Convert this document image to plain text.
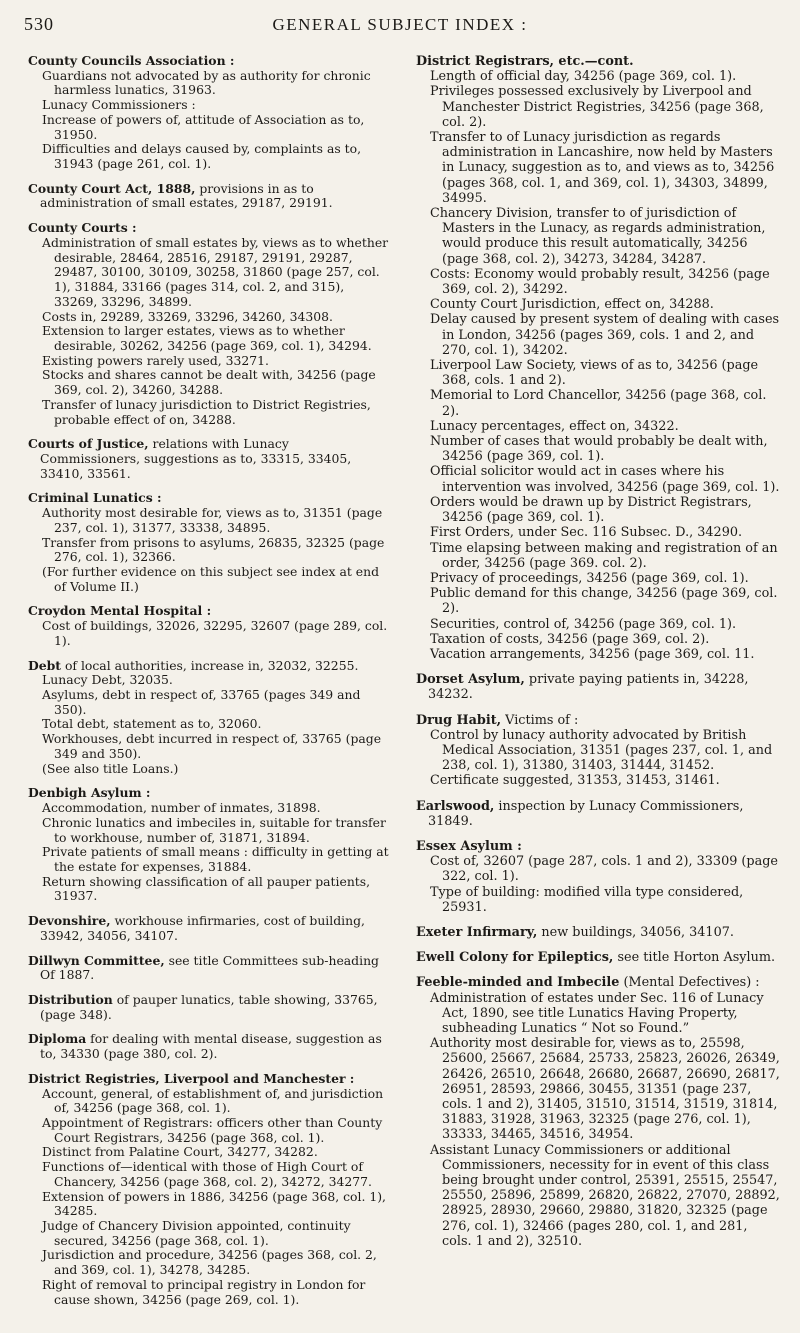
530	GENERAL SUBJECT INDEX :
County Councils Association :
Guardians not advocated by as authority for chronic harmless lunatics, 31963.
Lunacy Commissioners :
Increase of powers of, attitude of Association as to, 31950.
Difficulties and delays caused by, complaints as to, 31943 (page 261, col. 1).
County Court Act, 1888, provisions in as to administration of small estates, 29187, 29191.
County Courts :
Administration of small estates by, views as to whether desirable, 28464, 28516, 29187, 29191, 29287, 29487, 30100, 30109, 30258, 31860 (page 257, col. 1), 31884, 33166 (pages 314, col. 2, and 315), 33269, 33296, 34899.
Costs in, 29289, 33269, 33296, 34260, 34308.
Extension to larger estates, views as to whether desirable, 30262, 34256 (page 369, col. 1), 34294.
Existing powers rarely used, 33271.
Stocks and shares cannot be dealt with, 34256 (page 369, col. 2), 34260, 34288.
Transfer of lunacy jurisdiction to District Registries, probable effect of on, 34288.
Courts of Justice, relations with Lunacy Commissioners, suggestions as to, 33315, 33405, 33410, 33561.
Criminal Lunatics :
Authority most desirable for, views as to, 31351 (page 237, col. 1), 31377, 33338, 34895.
Transfer from prisons to asylums, 26835, 32325 (page 276, col. 1), 32366.
(For further evidence on this subject see index at end of Volume II.)
Croydon Mental Hospital :
Cost of buildings, 32026, 32295, 32607 (page 289, col. 1).
Debt of local authorities, increase in, 32032, 32255.
Lunacy Debt, 32035.
Asylums, debt in respect of, 33765 (pages 349 and 350).
Total debt, statement as to, 32060.
Workhouses, debt incurred in respect of, 33765 (page 349 and 350).
(See also title Loans.)
Denbigh Asylum :
Accommodation, number of inmates, 31898.
Chronic lunatics and imbeciles in, suitable for transfer to workhouse, number of, 31871, 31894.
Private patients of small means : difficulty in getting at the estate for expenses, 31884.
Return showing classification of all pauper patients, 31937.
Devonshire, workhouse infirmaries, cost of building, 33942, 34056, 34107.
Dillwyn Committee, see title Committees sub-heading Of 1887.
Distribution of pauper lunatics, table showing, 33765, (page 348).
Diploma for dealing with mental disease, suggestion as to, 34330 (page 380, col. 2).
District Registries, Liverpool and Manchester :
Account, general, of establishment of, and jurisdiction of, 34256 (page 368, col. 1).
Appointment of Registrars: officers other than County Court Registrars, 34256 (page 368, col. 1).
Distinct from Palatine Court, 34277, 34282.
Functions of—identical with those of High Court of Chancery, 34256 (page 368, col. 2), 34272, 34277.
Extension of powers in 1886, 34256 (page 368, col. 1), 34285.
Judge of Chancery Division appointed, continuity secured, 34256 (page 368, col. 1).
Jurisdiction and procedure, 34256 (pages 368, col. 2, and 369, col. 1), 34278, 34285.
Right of removal to principal registry in London for cause shown, 34256 (page 269, col. 1).
District Registrars, etc.—cont.
Length of official day, 34256 (page 369, col. 1).
Privileges possessed exclusively by Liverpool and Manchester District Registries, 34256 (page 368, col. 2).
Transfer to of Lunacy jurisdiction as regards administration in Lancashire, now held by Masters in Lunacy, suggestion as to, and views as to, 34256 (pages 368, col. 1, and 369, col. 1), 34303, 34899, 34995.
Chancery Division, transfer to of jurisdiction of Masters in the Lunacy, as regards administration, would produce this result automatically, 34256 (page 368, col. 2), 34273, 34284, 34287.
Costs: Economy would probably result, 34256 (page 369, col. 2), 34292.
County Court Jurisdiction, effect on, 34288.
Delay caused by present system of dealing with cases in London, 34256 (pages 369, cols. 1 and 2, and 270, col. 1), 34202.
Liverpool Law Society, views of as to, 34256 (page 368, cols. 1 and 2).
Memorial to Lord Chancellor, 34256 (page 368, col. 2).
Lunacy percentages, effect on, 34322.
Number of cases that would probably be dealt with, 34256 (page 369, col. 1).
Official solicitor would act in cases where his intervention was involved, 34256 (page 369, col. 1).
Orders would be drawn up by District Registrars, 34256 (page 369, col. 1).
First Orders, under Sec. 116 Subsec. D., 34290.
Time elapsing between making and registration of an order, 34256 (page 369. col. 2).
Privacy of proceedings, 34256 (page 369, col. 1).
Public demand for this change, 34256 (page 369, col. 2).
Securities, control of, 34256 (page 369, col. 1).
Taxation of costs, 34256 (page 369, col. 2).
Vacation arrangements, 34256 (page 369, col. 11.
Dorset Asylum, private paying patients in, 34228, 34232.
Drug Habit, Victims of :
Control by lunacy authority advocated by British Medical Association, 31351 (pages 237, col. 1, and 238, col. 1), 31380, 31403, 31444, 31452.
Certificate suggested, 31353, 31453, 31461.
Earlswood, inspection by Lunacy Commissioners, 31849.
Essex Asylum :
Cost of, 32607 (page 287, cols. 1 and 2), 33309 (page 322, col. 1).
Type of building: modified villa type considered, 25931.
Exeter Infirmary, new buildings, 34056, 34107.
Ewell Colony for Epileptics, see title Horton Asylum.
Feeble-minded and Imbecile (Mental Defectives) :
Administration of estates under Sec. 116 of Lunacy Act, 1890, see title Lunatics Having Property, subheading Lunatics “ Not so Found.”
Authority most desirable for, views as to, 25598, 25600, 25667, 25684, 25733, 25823, 26026, 26349, 26426, 26510, 26648, 26680, 26687, 26690, 26817, 26951, 28593, 29866, 30455, 31351 (page 237, cols. 1 and 2), 31405, 31510, 31514, 31519, 31814, 31883, 31928, 31963, 32325 (page 276, col. 1), 33333, 34465, 34516, 34954.
Assistant Lunacy Commissioners or additional Commissioners, necessity for in event of this class being brought under control, 25391, 25515, 25547, 25550, 25896, 25899, 26820, 26822, 27070, 28892, 28925, 28930, 29660, 29880, 31820, 32325 (page 276, col. 1), 32466 (pages 280, col. 1, and 281, cols. 1 and 2), 32510.
